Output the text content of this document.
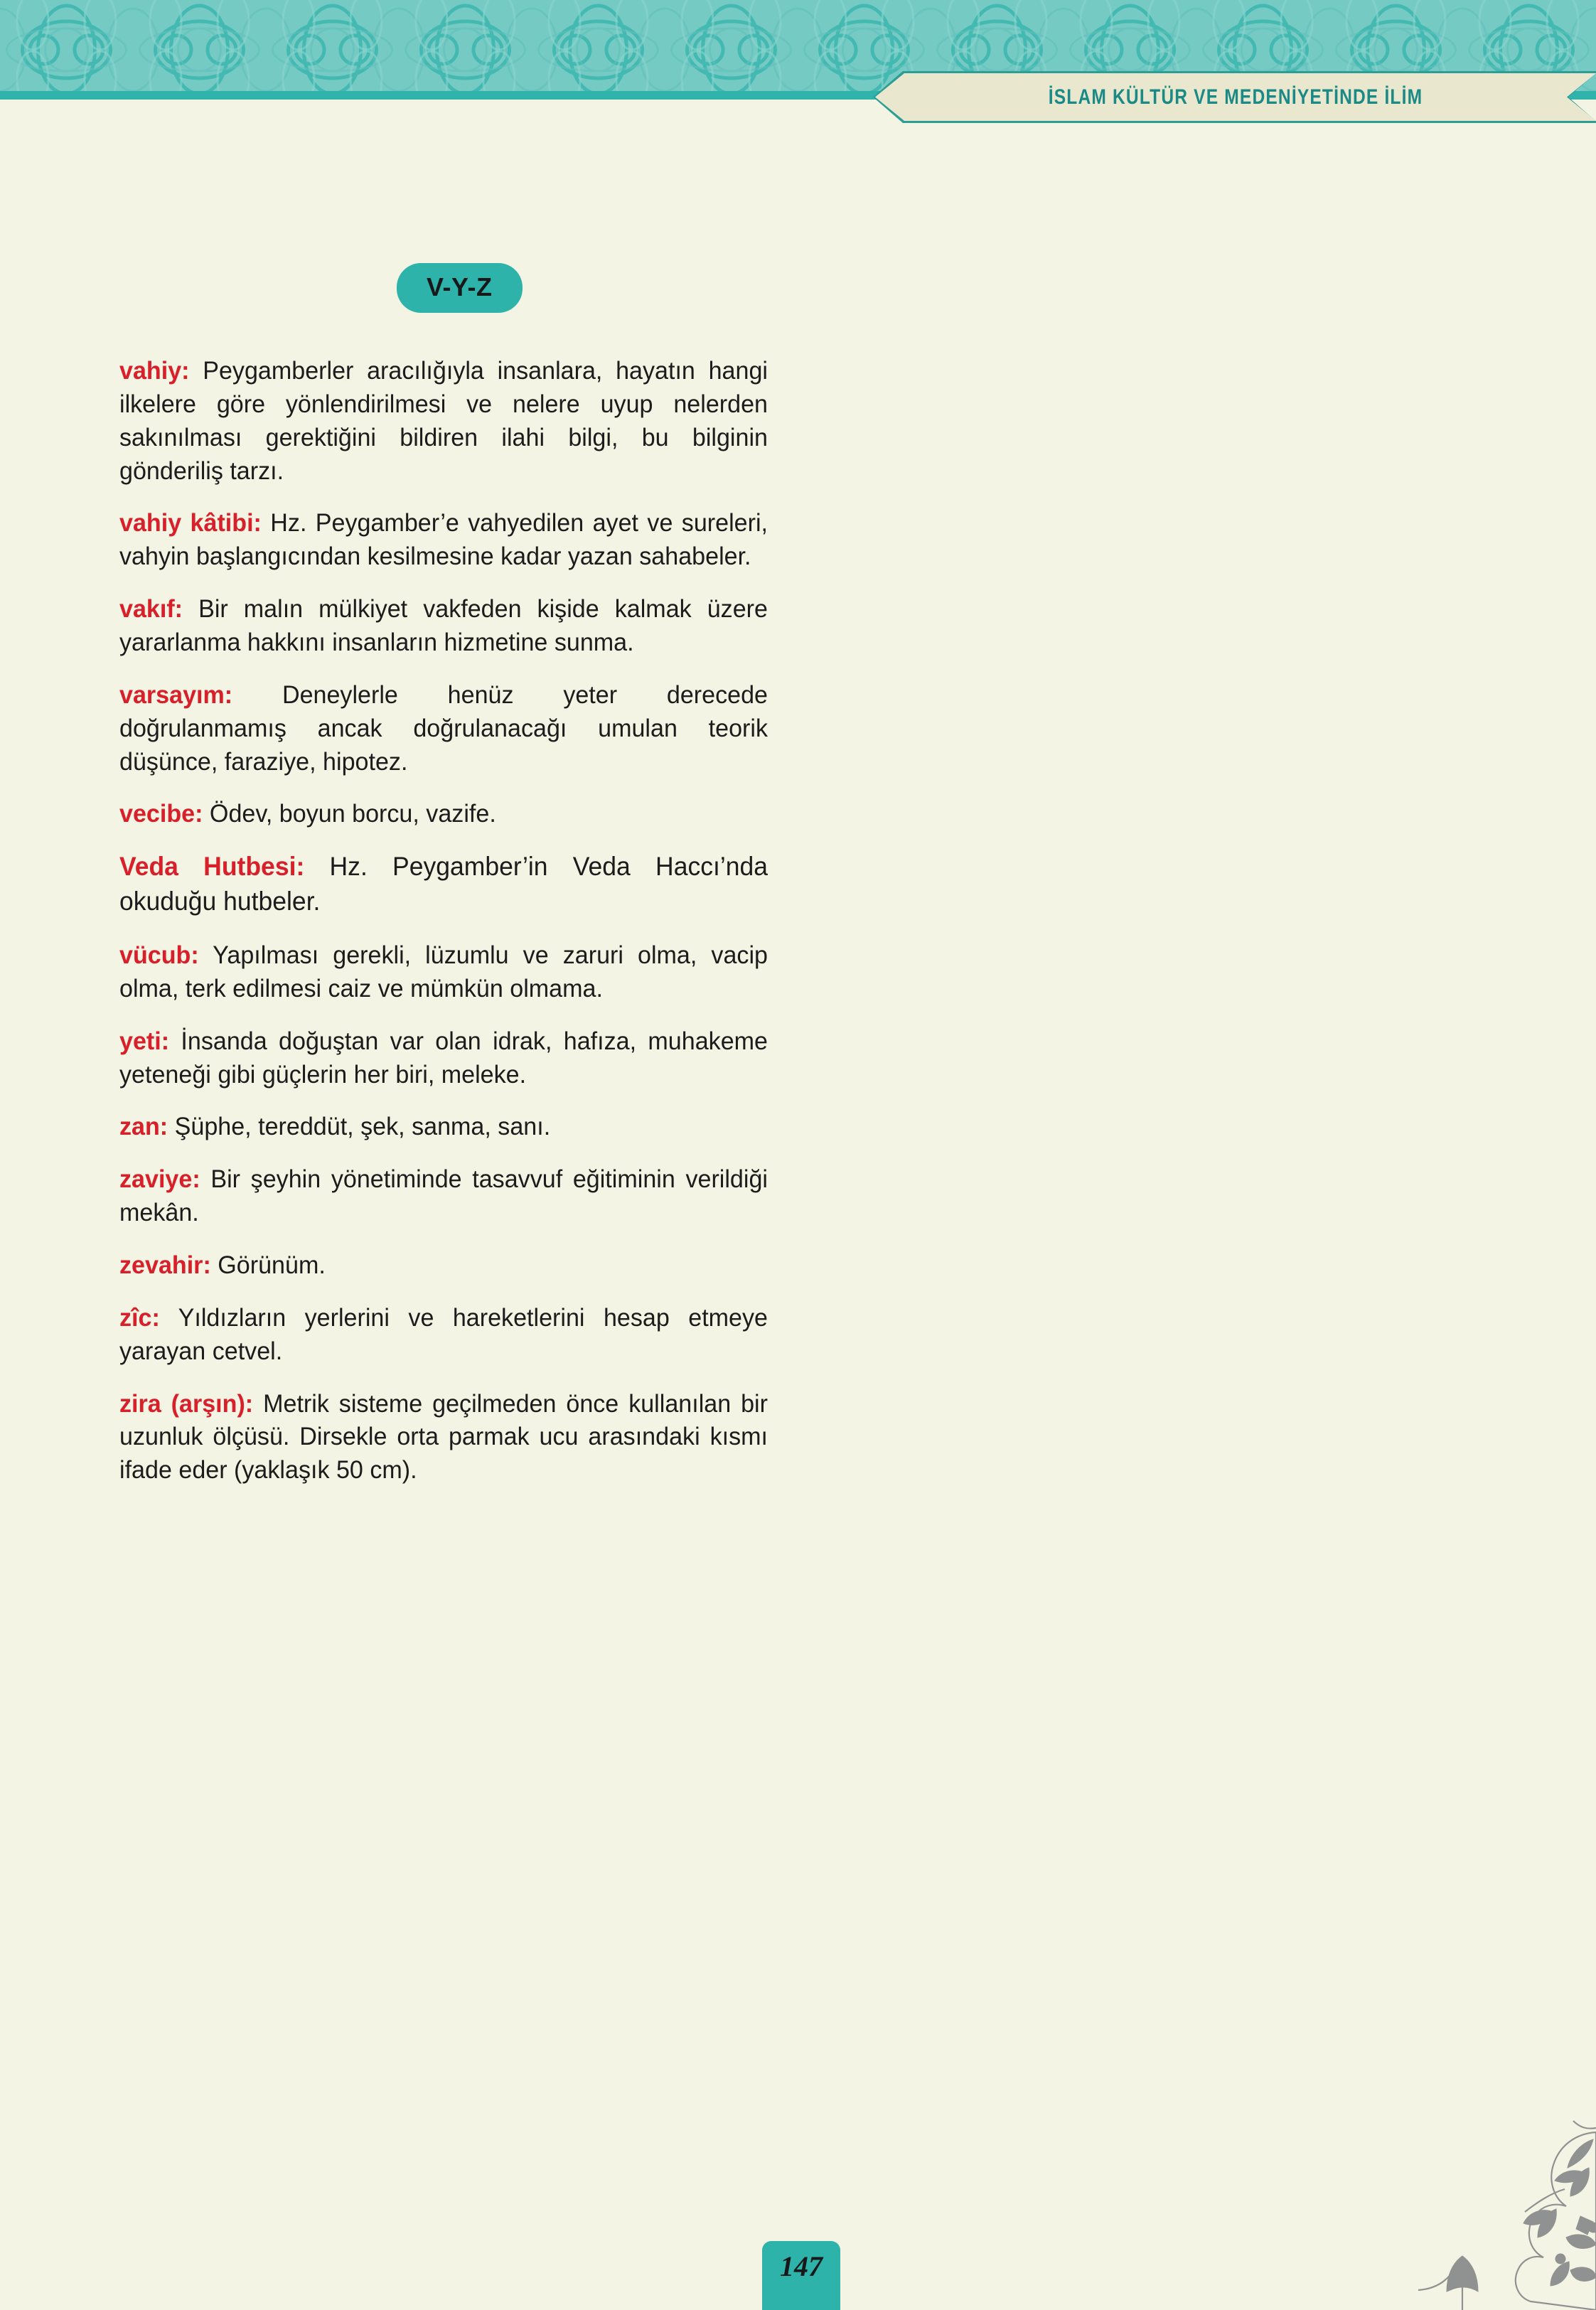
İSLAM KÜLTÜR VE MEDENİYETİNDE İLİM
V-Y-Z

vahiy: Peygamberler aracılığıyla insanlara, hayatın hangi ilkelere göre yönlendirilmesi ve nelere uyup nelerden sakınılması gerektiğini bildiren ilahi bilgi, bu bilginin gönderiliş tarzı.

vahiy kâtibi: Hz. Peygamber’e vahyedilen ayet ve sureleri, vahyin başlangıcından kesilmesine kadar yazan sahabeler.

vakıf: Bir malın mülkiyet vakfeden kişide kalmak üzere yararlanma hakkını insanların hizmetine sunma.

varsayım: Deneylerle henüz yeter derecede doğrulanmamış ancak doğrulanacağı umulan teorik düşünce, faraziye, hipotez.

vecibe: Ödev, boyun borcu, vazife.

Veda Hutbesi: Hz. Peygamber’in Veda Haccı’nda okuduğu hutbeler.

vücub: Yapılması gerekli, lüzumlu ve zaruri olma, vacip olma, terk edilmesi caiz ve mümkün olmama.

yeti: İnsanda doğuştan var olan idrak, hafıza, muhakeme yeteneği gibi güçlerin her biri, meleke.

zan: Şüphe, tereddüt, şek, sanma, sanı.

zaviye: Bir şeyhin yönetiminde tasavvuf eğitiminin verildiği mekân.

zevahir: Görünüm.

zîc: Yıldızların yerlerini ve hareketlerini hesap etmeye yarayan cetvel.

zira (arşın): Metrik sisteme geçilmeden önce kullanılan bir uzunluk ölçüsü. Dirsekle orta parmak ucu arasındaki kısmı ifade eder (yaklaşık 50 cm).

147
